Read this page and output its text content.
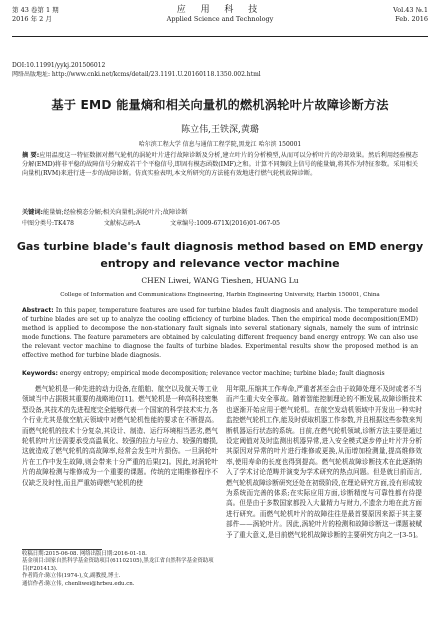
第 43 卷第 1 期
2016 年 2 月
应 用 科 技
Applied Science and Technology
Vol.43 №.1
Feb. 2016
DOI:10.11991/yykj.201506012
网络出版地址: http://www.cnki.net/kcms/detail/23.1191.U.20160118.1350.002.html
基于 EMD 能量熵和相关向量机的燃机涡轮叶片故障诊断方法
陈立伟,王铁深,黄璐
哈尔滨工程大学 信息与通信工程学院,黑龙江 哈尔滨 150001
摘 要:应用温度这一特征数据对燃气轮机的涡轮叶片进行故障诊断及分析,建立叶片的分析模型,从而可以分析叶片的冷却效果。然后利用经验模态分解(EMD)将非平稳的故障信号分解成若干个平稳信号,即固有模态函数(IMF)之和。计算不同频段上信号的能量熵,将其作为特征参数。采用相关向量机(RVM)来进行进一步的故障诊断。仿真实验表明,本文所研究的方法能有效地进行燃气轮机故障诊断。
关键词:能量熵;经验模态分解;相关向量机;涡轮叶片;故障诊断
中图分类号:TK478	文献标志码:A	文章编号:1009-671X(2016)01-067-05
Gas turbine blade's fault diagnosis method based on EMD energy entropy and relevance vector machine
CHEN Liwei, WANG Tieshen, HUANG Lu
College of Information and Communications Engineering, Harbin Engineering University, Harbin 150001, China
Abstract: In this paper, temperature features are used for turbine blades fault diagnosis and analysis. The temperature model of turbine blades are set up to analyze the cooling efficiency of turbine blades. Then the empirical mode decomposition(EMD) method is applied to decompose the non-stationary fault signals into several stationary signals, namely the sum of intrinsic mode functions. The feature parameters are obtained by calculating different frequency band energy entropy. We can also use the relevant vector machine to diagnose the faults of turbine blades. Experimental results show the proposed method is an effective method for turbine blade diagnosis.
Keywords: energy entropy; empirical mode decomposition; relevance vector machine; turbine blade; fault diagnosis
燃气轮机是一种先进的动力设备,在船舶、航空以及航天等工业领域当中占据极其重要的战略地位[1]。燃气轮机是一种高科技密集型设备,其技术的先进程度完全能够代表一个国家的科学技术实力,各个行业尤其是航空航天领域中对燃气轮机性能的要求在不断提高。而燃气轮机的技术十分复杂,其设计、制造、运行环境相当恶劣,燃气轮机的叶片还需要承受高温氧化、较强的拉力与应力、较强的磨损,这就造成了燃气轮机的高故障率,经常会发生叶片损伤。一旦涡轮叶片在工作中发生故障,则会带来十分严重的后果[2]。因此,对涡轮叶片的故障检测与维修成为一个重要的课题。传统的定期维修程序不仅缺乏及时性,而且严重妨碍燃气轮机的使
用年限,压缩其工作寿命,严重者甚至会由于故障处理不及时或者不当而产生重大安全事故。随着智能控制理论的不断发展,故障诊断技术也逐渐开始应用于燃气轮机。在航空发动机领域中开发出一种实时监控燃气轮机工作,能及时获取机器工作参数,并且根据这些参数来判断机器运行状态的系统。目前,在燃气轮机领域,诊断方法主要是通过设定阈值对及时监测出机器异常,进入安全模式逐步停止叶片并分析其原因对异常的叶片进行维修或更换,从而增加检测量,提高维修效率,使用寿命的长度也得到提高。燃气轮机故障诊断技术在此逐渐纳入了学术讨论范畴并演变为学术研究的热点问题。但是就目前而言,燃气轮机故障诊断研究还处在初级阶段,在理论研究方面,没有形成较为系统而完善的体系;在实际应用方面,诊断精度与可靠性都有待提高。但是由于多数国家都投入大量精力与财力,不遗余力地在此方面进行研究。而燃气轮机叶片的故障往往是最首要原因来源于其主要部件——涡轮叶片。因此,涡轮叶片的检测和故障诊断这一课题被赋予了重大意义,是目前燃气轮机故障诊断的主要研究方向之一[3-5]。
收稿日期:2015-06-08. 网络出版日期:2016-01-18.
基金项目:国家自然科学基金资助项目(61102105),黑龙江省自然科学基金资助项目(F201413).
作者简介:陈立伟(1974-),女,副教授,博士.
通信作者:陈立伟, chenliwei@hrbeu.edu.cn.
